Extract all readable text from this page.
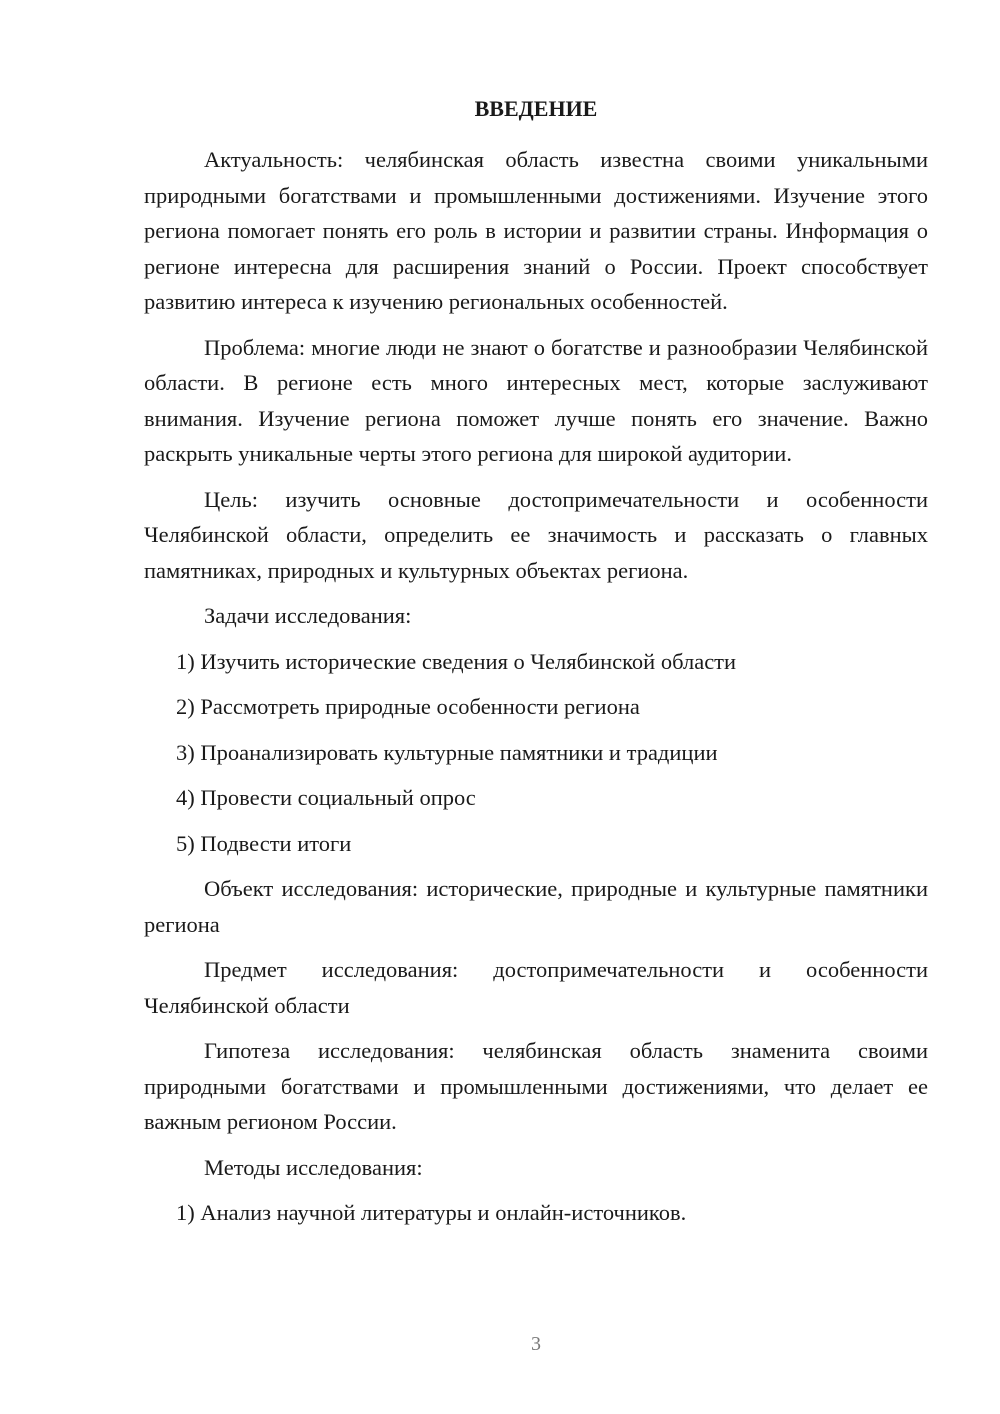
ВВЕДЕНИЕ

Актуальность: челябинская область известна своими уникальными природными богатствами и промышленными достижениями. Изучение этого региона помогает понять его роль в истории и развитии страны. Информация о регионе интересна для расширения знаний о России. Проект способствует развитию интереса к изучению региональных особенностей.

Проблема: многие люди не знают о богатстве и разнообразии Челябинской области. В регионе есть много интересных мест, которые заслуживают внимания. Изучение региона поможет лучше понять его значение. Важно раскрыть уникальные черты этого региона для широкой аудитории.

Цель: изучить основные достопримечательности и особенности Челябинской области, определить ее значимость и рассказать о главных памятниках, природных и культурных объектах региона.

Задачи исследования:

1) Изучить исторические сведения о Челябинской области

2) Рассмотреть природные особенности региона

3) Проанализировать культурные памятники и традиции

4) Провести социальный опрос

5) Подвести итоги

Объект исследования: исторические, природные и культурные памятники региона

Предмет исследования: достопримечательности и особенности Челябинской области

Гипотеза исследования: челябинская область знаменита своими природными богатствами и промышленными достижениями, что делает ее важным регионом России.

Методы исследования:

1) Анализ научной литературы и онлайн-источников.

3
